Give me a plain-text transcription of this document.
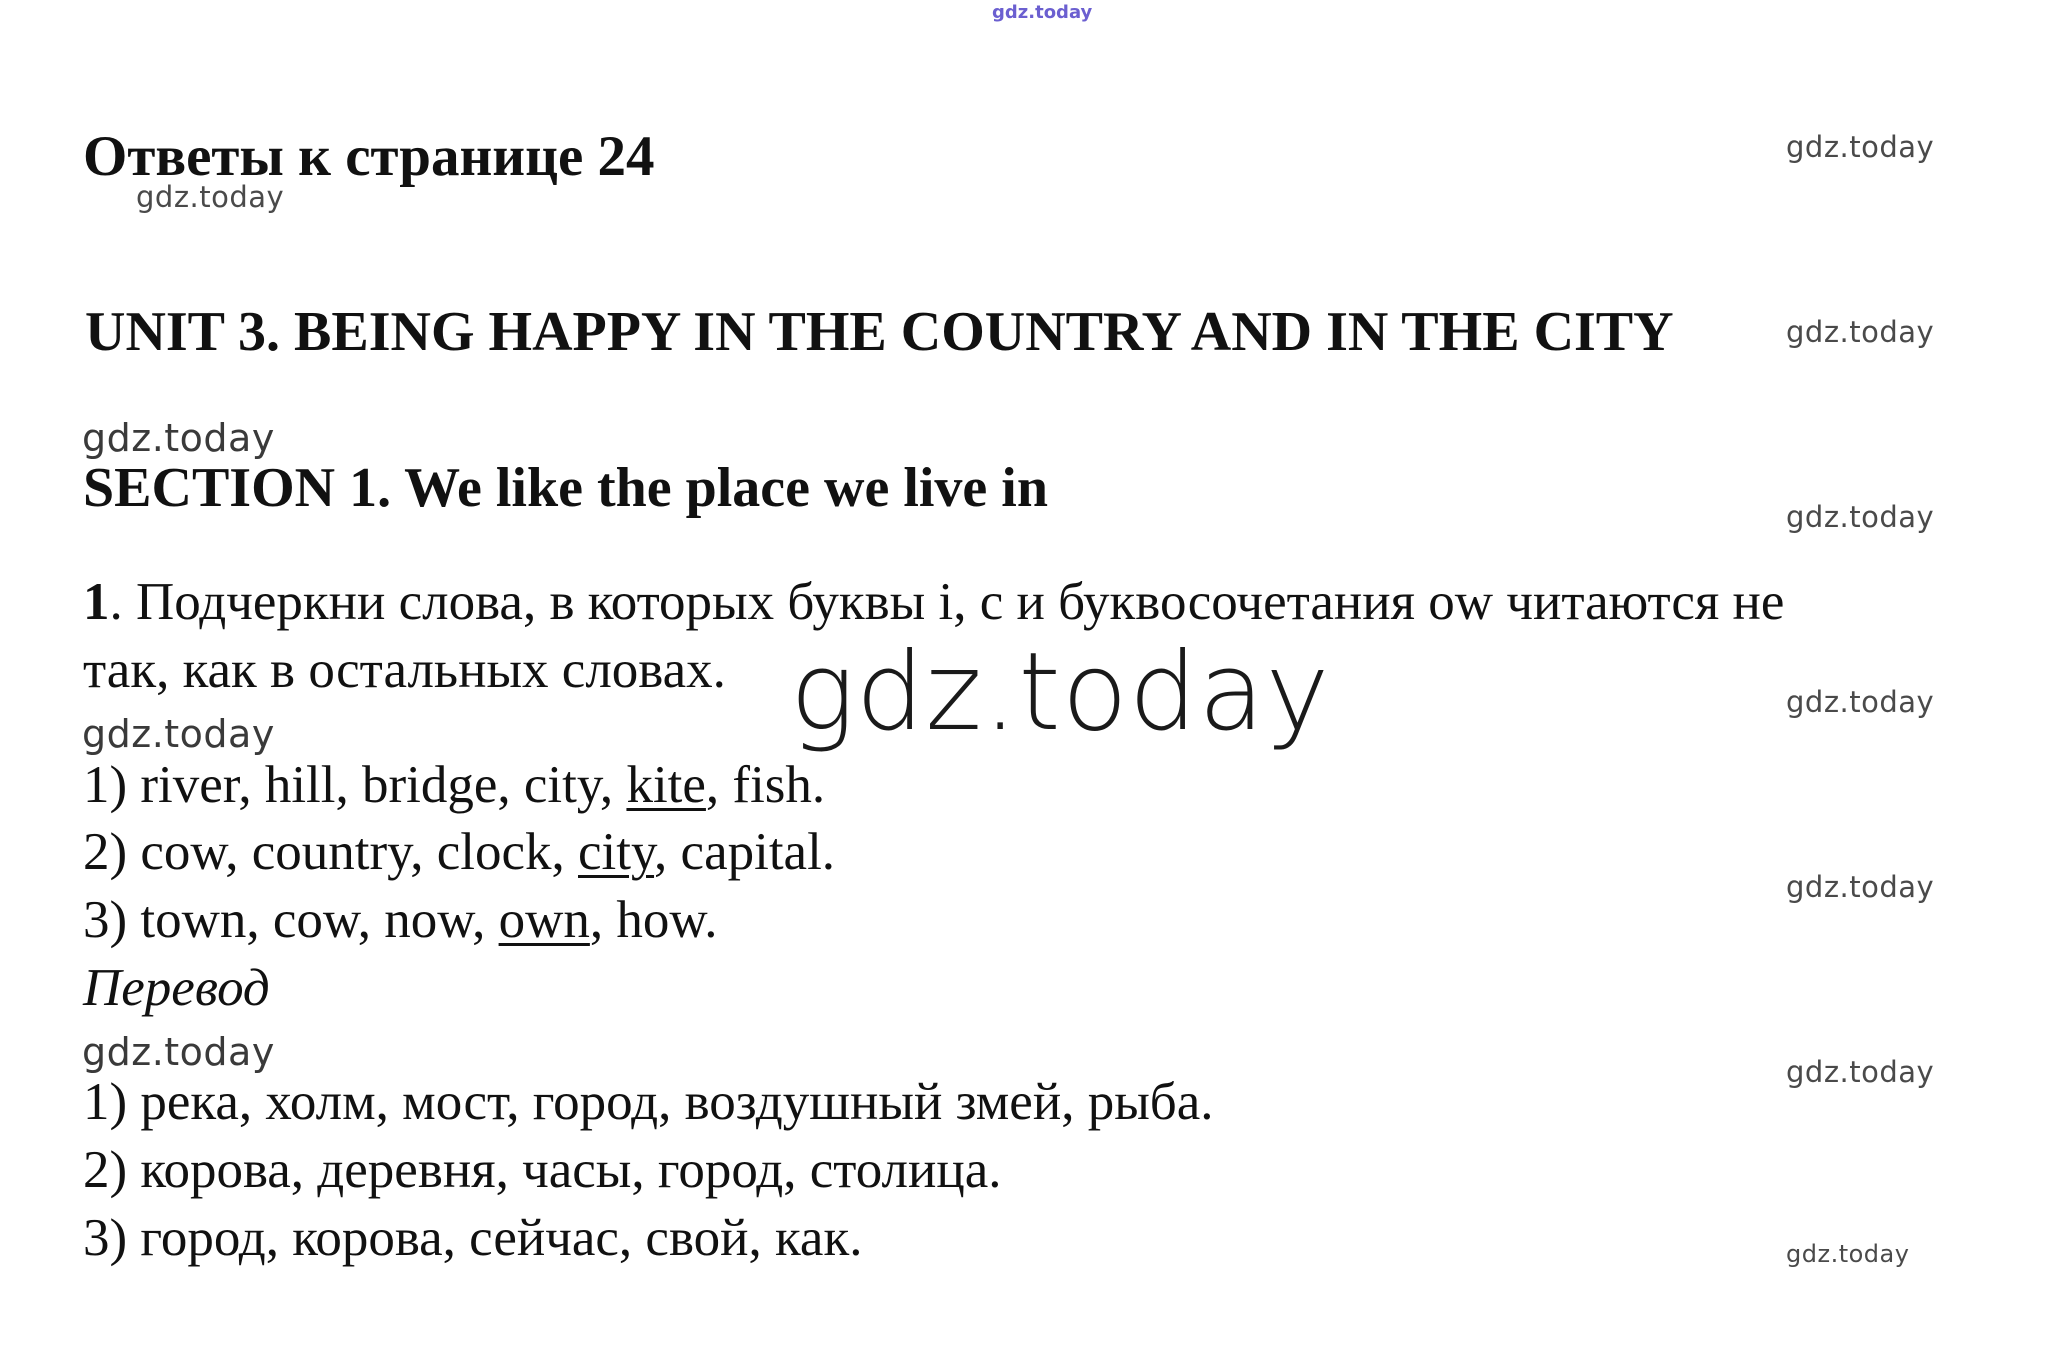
gdz.today
Ответы к странице 24
gdz.today
gdz.today
UNIT 3. BEING HAPPY IN THE COUNTRY AND IN THE CITY	gdz.today
gdz.today
SECTION 1. We like the place we live in	gdz.today
1. Подчеркни слова, в которых буквы i, c и буквосочетания ow читаются не
так, как в остальных словах. gdz.today	gdz.today
gdz.today
1) river, hill, bridge, city, kite, fish.
2) cow, country, clock, city, capital.
gdz.today
3) town, cow, now, own, how.
Перевод
gdz.today	gdz.today
1) река, холм, мост, город, воздушный змей, рыба.
2) корова, деревня, часы, город, столица.
3) город, корова, сейчас, свой, как.	gdz.today
